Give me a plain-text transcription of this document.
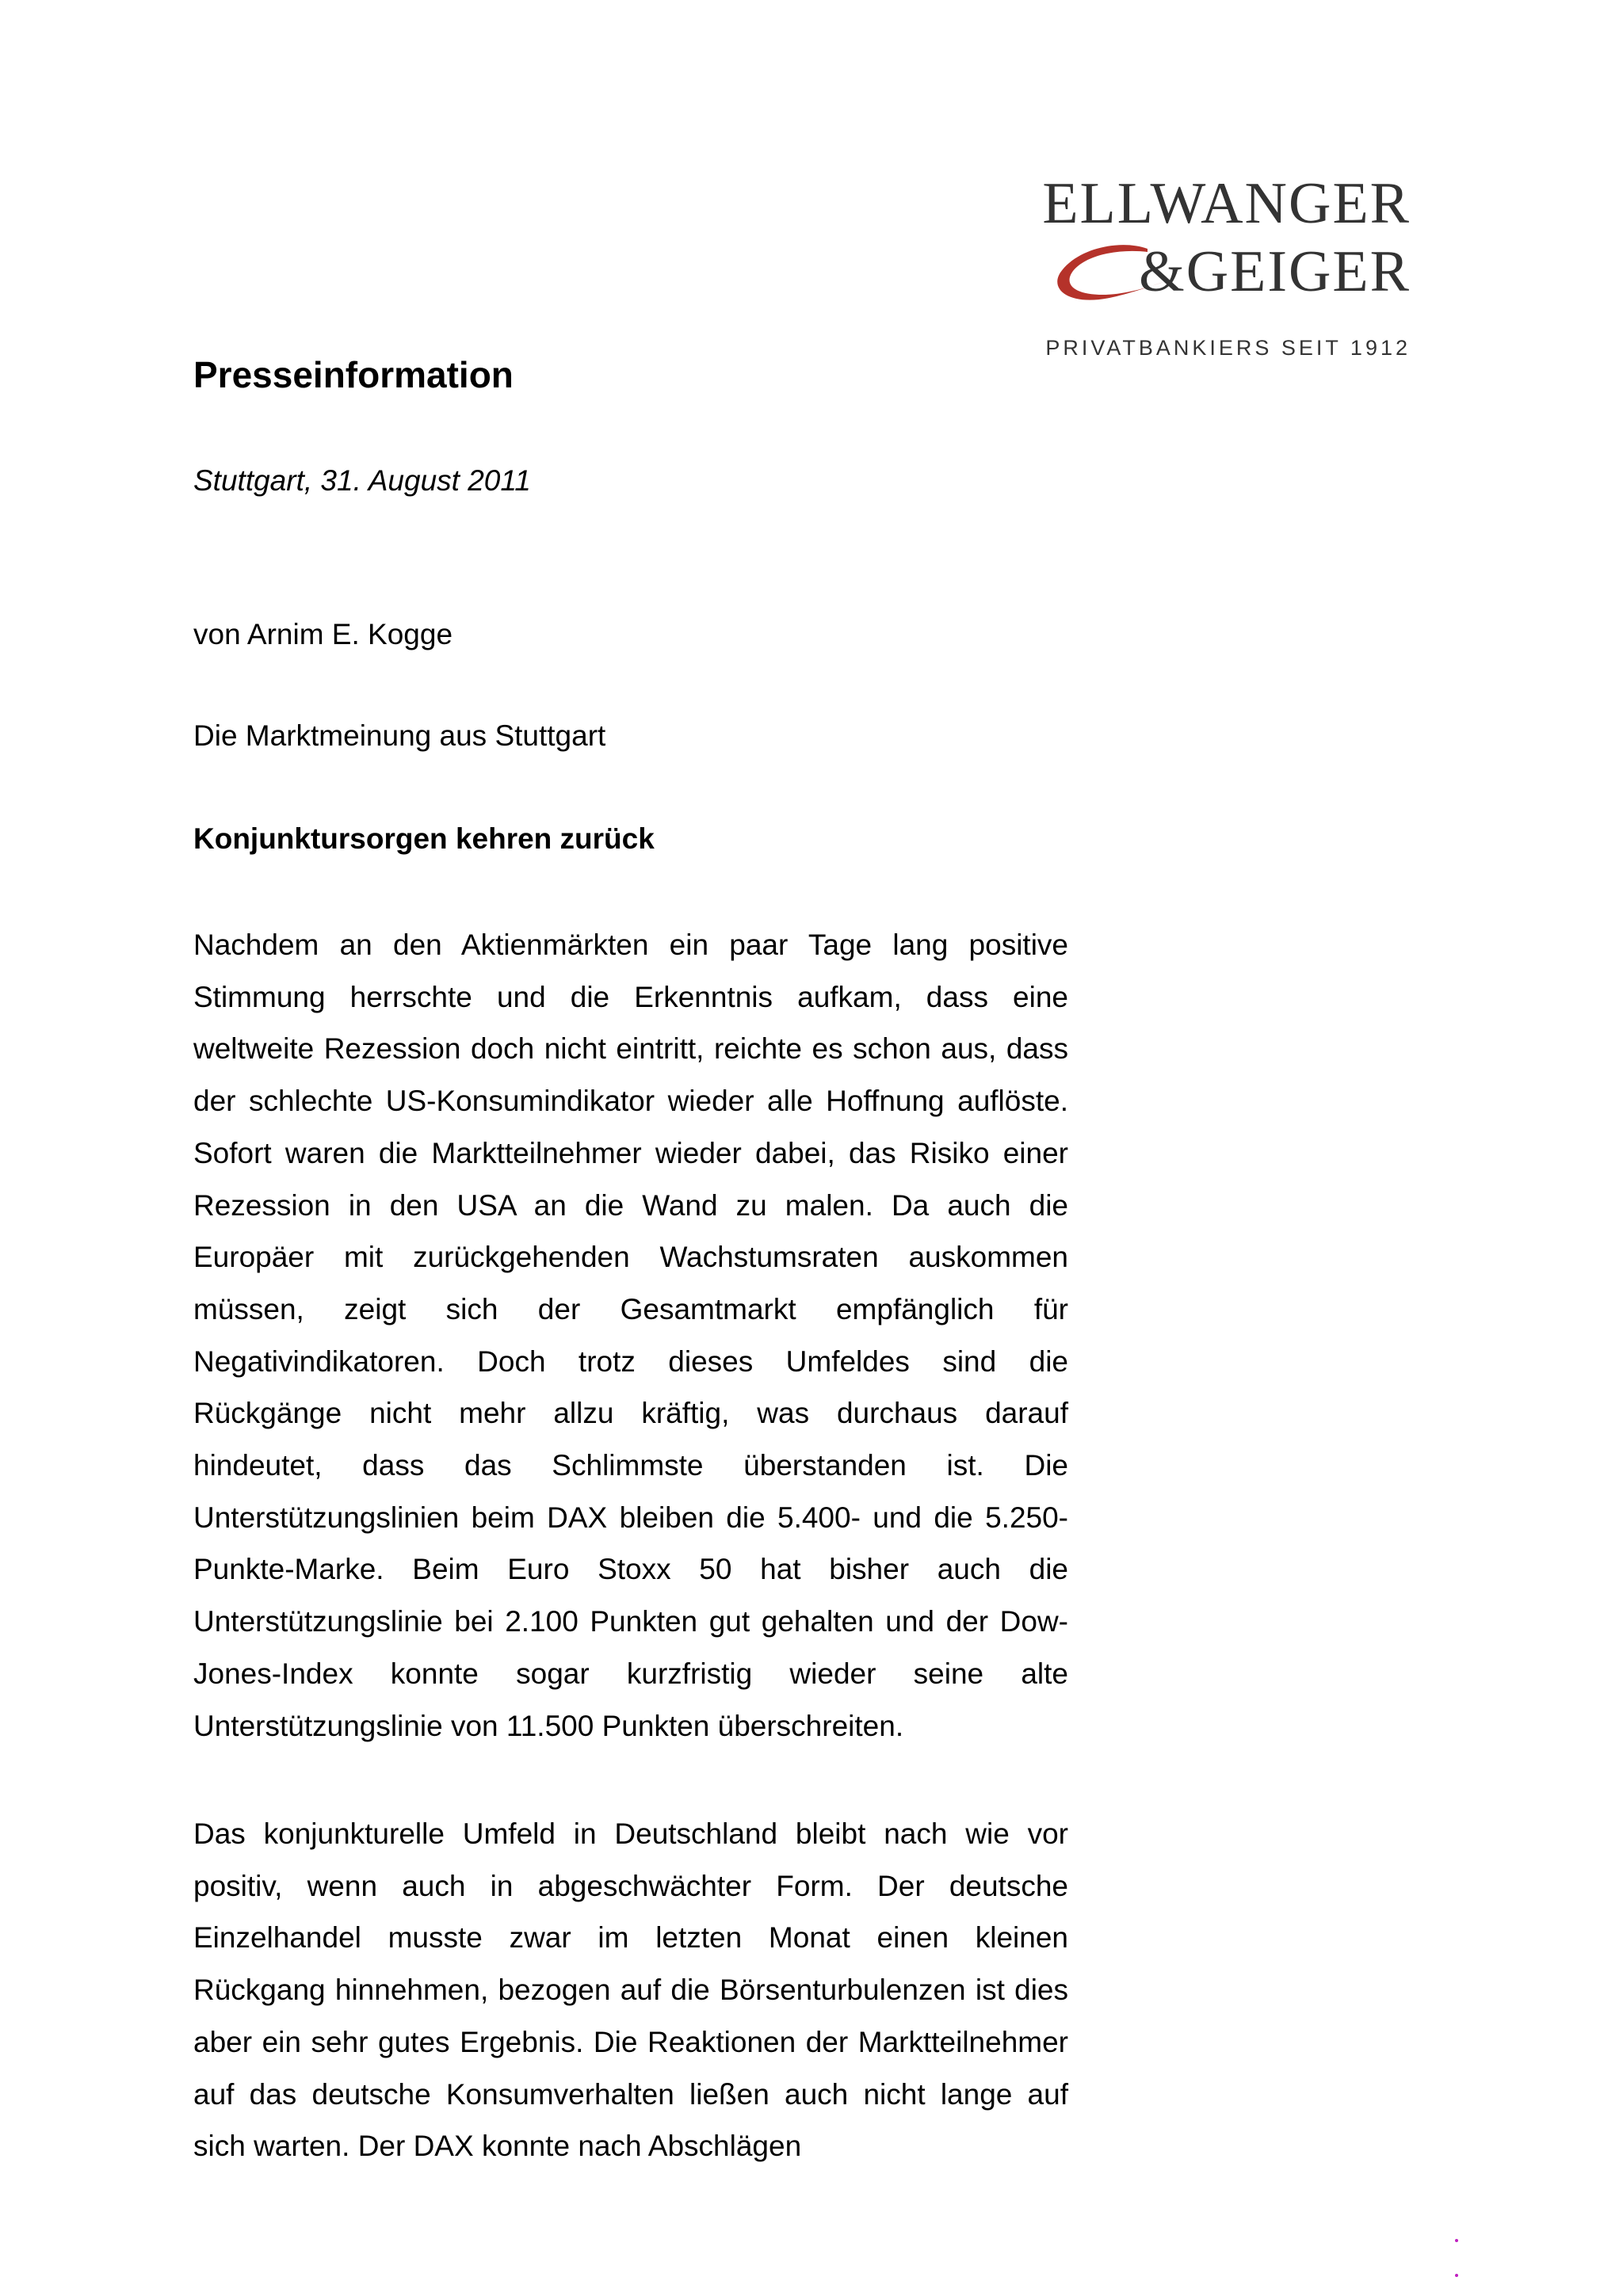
ELLWANGER
&GEIGER
PRIVATBANKIERS SEIT 1912
Presseinformation
Stuttgart, 31. August 2011
von Arnim E. Kogge
Die Marktmeinung aus Stuttgart
Konjunktursorgen kehren zurück

Nachdem an den Aktienmärkten ein paar Tage lang positive Stimmung herrschte und die Erkenntnis aufkam, dass eine weltweite Rezession doch nicht eintritt, reichte es schon aus, dass der schlechte US-Konsumindikator wieder alle Hoffnung auflöste. Sofort waren die Marktteilnehmer wieder dabei, das Risiko einer Rezession in den USA an die Wand zu malen. Da auch die Europäer mit zurückgehenden Wachstumsraten auskommen müssen, zeigt sich der Gesamtmarkt empfänglich für Negativindikatoren. Doch trotz dieses Umfeldes sind die Rückgänge nicht mehr allzu kräftig, was durchaus darauf hindeutet, dass das Schlimmste überstanden ist. Die Unterstützungslinien beim DAX bleiben die 5.400- und die 5.250-Punkte-Marke. Beim Euro Stoxx 50 hat bisher auch die Unterstützungslinie bei 2.100 Punkten gut gehalten und der Dow-Jones-Index konnte sogar kurzfristig wieder seine alte Unterstützungslinie von 11.500 Punkten überschreiten.

Das konjunkturelle Umfeld in Deutschland bleibt nach wie vor positiv, wenn auch in abgeschwächter Form. Der deutsche Einzelhandel musste zwar im letzten Monat einen kleinen Rückgang hinnehmen, bezogen auf die Börsenturbulenzen ist dies aber ein sehr gutes Ergebnis. Die Reaktionen der Marktteilnehmer auf das deutsche Konsumverhalten ließen auch nicht lange auf sich warten. Der DAX konnte nach Abschlägen
